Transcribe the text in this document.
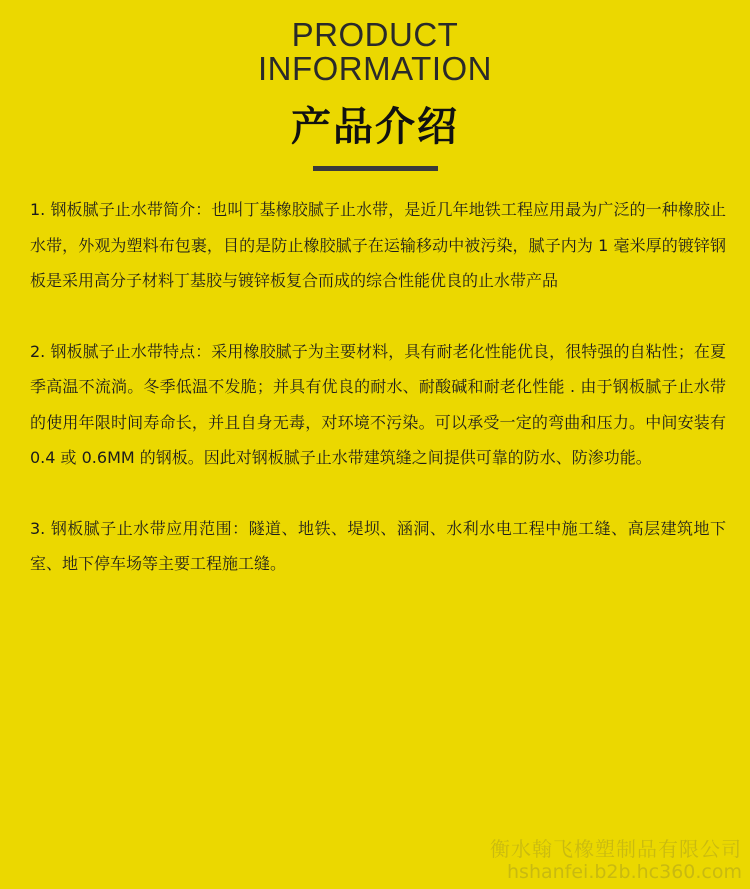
PRODUCT
INFORMATION
产品介绍

1. 钢板腻子止水带简介：也叫丁基橡胶腻子止水带，是近几年地铁工程应用最为广泛的一种橡胶止水带，外观为塑料布包裹，目的是防止橡胶腻子在运输移动中被污染，腻子内为 1 毫米厚的镀锌钢板是采用高分子材料丁基胶与镀锌板复合而成的综合性能优良的止水带产品

2. 钢板腻子止水带特点：采用橡胶腻子为主要材料，具有耐老化性能优良，很特强的自粘性；在夏季高温不流淌。冬季低温不发脆；并具有优良的耐水、耐酸碱和耐老化性能 . 由于钢板腻子止水带的使用年限时间寿命长，并且自身无毒，对环境不污染。可以承受一定的弯曲和压力。中间安装有 0.4 或 0.6MM 的钢板。因此对钢板腻子止水带建筑缝之间提供可靠的防水、防渗功能。

3. 钢板腻子止水带应用范围：隧道、地铁、堤坝、涵洞、水利水电工程中施工缝、高层建筑地下室、地下停车场等主要工程施工缝。

衡水翰飞橡塑制品有限公司
hshanfei.b2b.hc360.com
